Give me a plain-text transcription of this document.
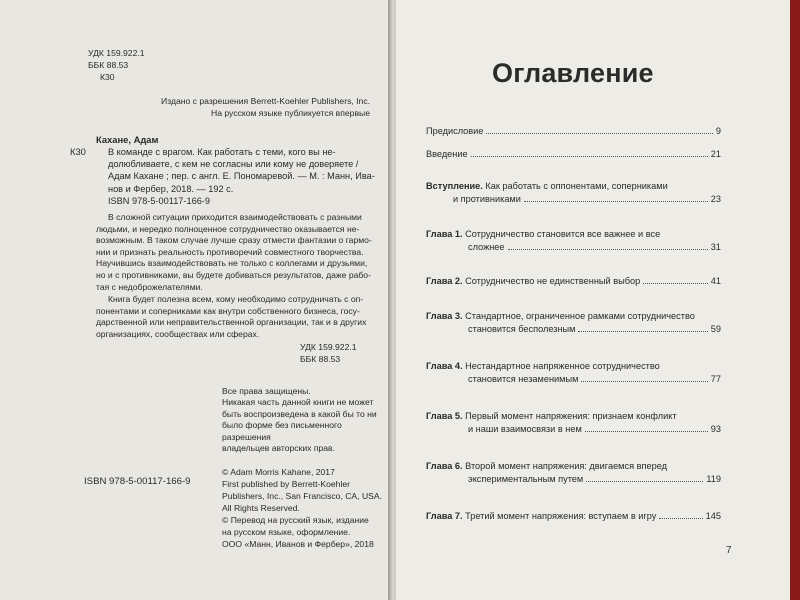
УДК 159.922.1
ББК 88.53
К30
Издано с разрешения Berrett-Koehler Publishers, Inc.
На русском языке публикуется впервые
Кахане, Адам
К30 В команде с врагом. Как работать с теми, кого вы не-
долюбливаете, с кем не согласны или кому не доверяете /
Адам Кахане ; пер. с англ. Е. Пономаревой. — М. : Манн, Ива-
нов и Фербер, 2018. — 192 с.
ISBN 978-5-00117-166-9
В сложной ситуации приходится взаимодействовать с разными
людьми, и нередко полноценное сотрудничество оказывается не-
возможным. В таком случае лучше сразу отмести фантазии о гармо-
нии и признать реальность противоречий совместного творчества.
Научившись взаимодействовать не только с коллегами и друзьями,
но и с противниками, вы будете добиваться результатов, даже рабо-
тая с недоброжелателями.
Книга будет полезна всем, кому необходимо сотрудничать с оп-
понентами и соперниками как внутри собственного бизнеса, госу-
дарственной или неправительственной организации, так и в других
организациях, сообществах или сферах.
УДК 159.922.1
ББК 88.53
Все права защищены.
Никакая часть данной книги не может
быть воспроизведена в какой бы то ни
было форме без письменного разрешения
владельцев авторских прав.
ISBN 978-5-00117-166-9
© Adam Morris Kahane, 2017
First published by Berrett-Koehler
Publishers, Inc., San Francisco, CA, USA.
All Rights Reserved.
© Перевод на русский язык, издание
на русском языке, оформление.
ООО «Манн, Иванов и Фербер», 2018
Оглавление
Предисловие	9
Введение	21
Вступление. Как работать с оппонентами, соперниками
и противниками	23
Глава 1. Сотрудничество становится все важнее и все
сложнее	31
Глава 2. Сотрудничество не единственный выбор	41
Глава 3. Стандартное, ограниченное рамками сотрудничество
становится бесполезным	59
Глава 4. Нестандартное напряженное сотрудничество
становится незаменимым	77
Глава 5. Первый момент напряжения: признаем конфликт
и наши взаимосвязи в нем	93
Глава 6. Второй момент напряжения: двигаемся вперед
экспериментальным путем	119
Глава 7. Третий момент напряжения: вступаем в игру	145
7
